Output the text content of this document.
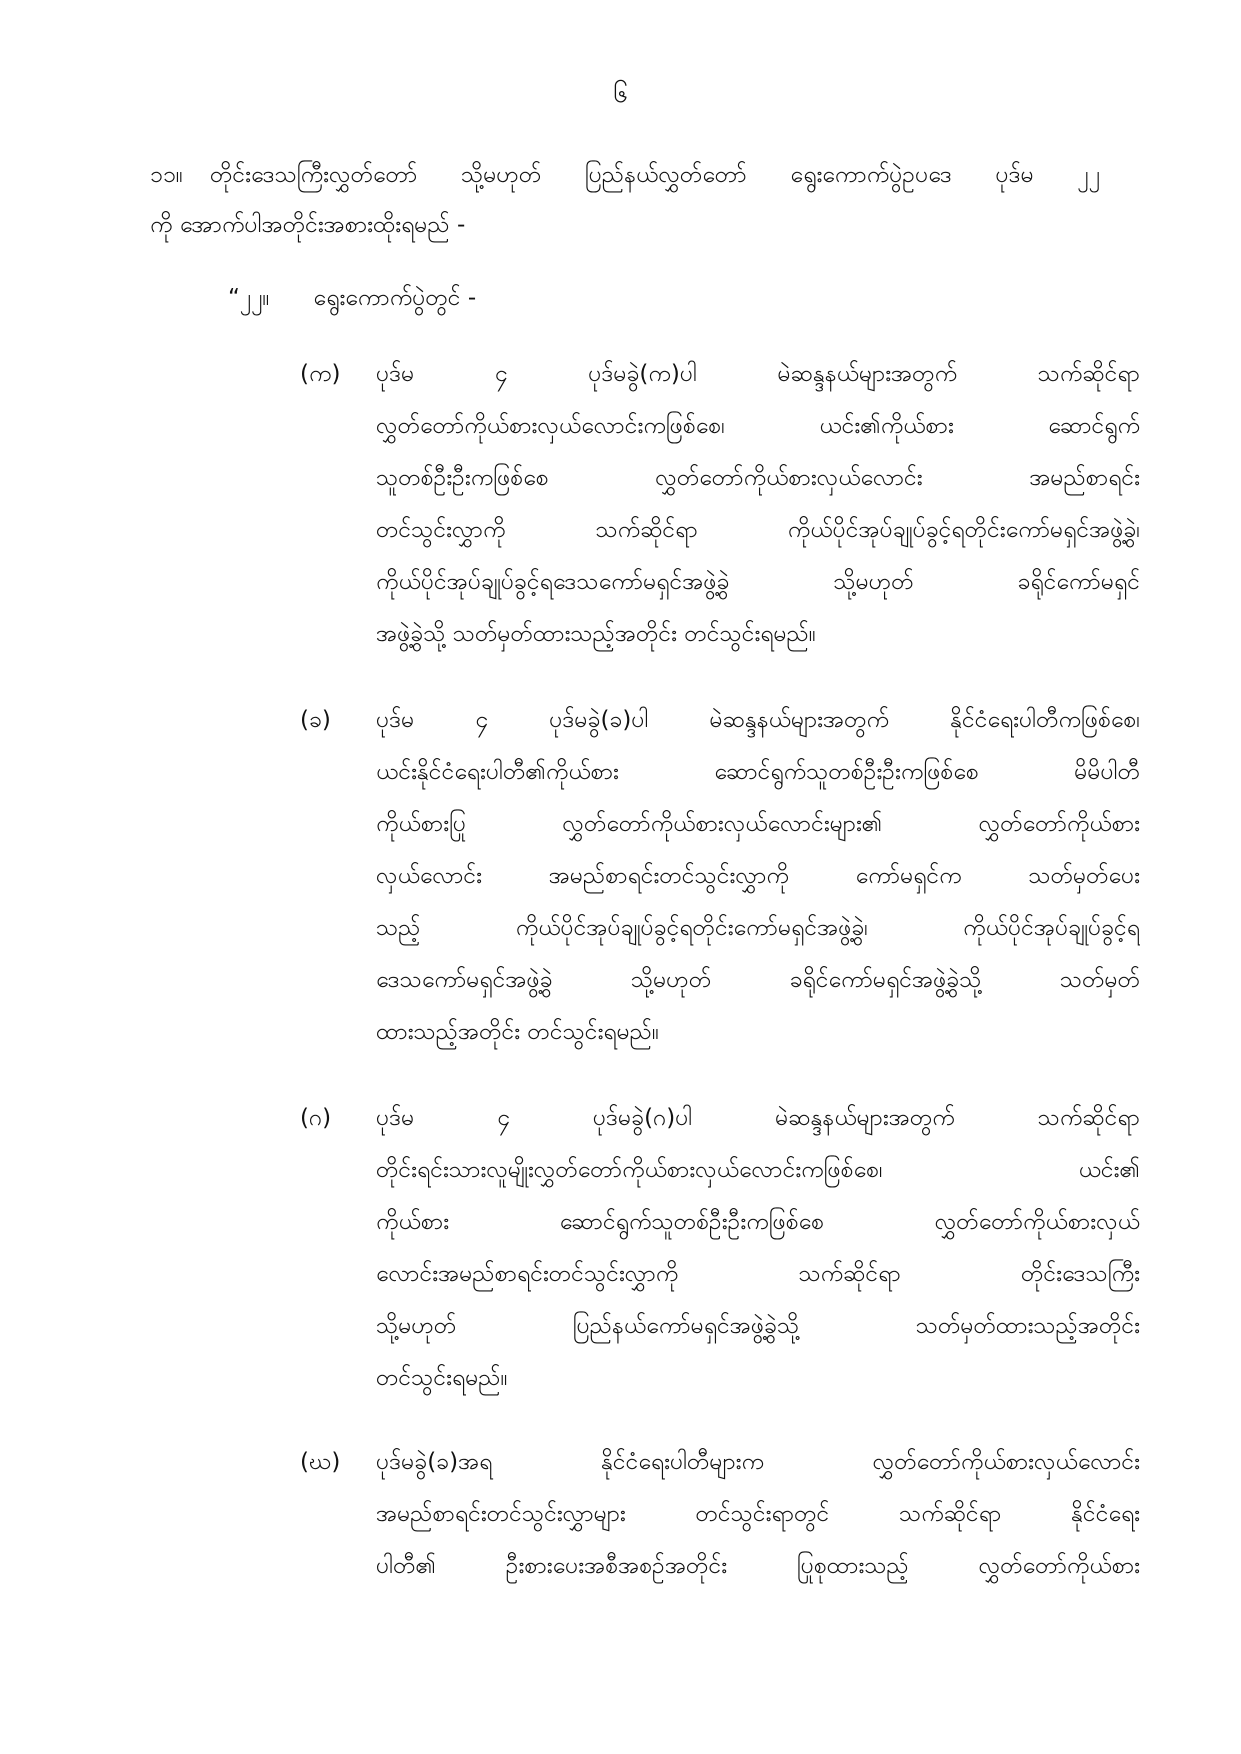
၆
၁၁။	တိုင်းဒေသကြီးလွှတ်တော် သို့မဟုတ် ပြည်နယ်လွှတ်တော် ရွေးကောက်ပွဲဥပဒေ ပုဒ်မ ၂၂
ကို အောက်ပါအတိုင်းအစားထိုးရမည် -
“၂၂။ ရွေးကောက်ပွဲတွင် -
(က)	ပုဒ်မ ၄ ပုဒ်မခွဲ(က)ပါ မဲဆန္ဒနယ်များအတွက် သက်ဆိုင်ရာ
လွှတ်တော်ကိုယ်စားလှယ်လောင်းကဖြစ်စေ၊ ယင်း၏ကိုယ်စား ဆောင်ရွက်
သူတစ်ဦးဦးကဖြစ်စေ လွှတ်တော်ကိုယ်စားလှယ်လောင်း အမည်စာရင်း
တင်သွင်းလွှာကို သက်ဆိုင်ရာ ကိုယ်ပိုင်အုပ်ချုပ်ခွင့်ရတိုင်းကော်မရှင်အဖွဲ့ခွဲ၊
ကိုယ်ပိုင်အုပ်ချုပ်ခွင့်ရဒေသကော်မရှင်အဖွဲ့ခွဲ သို့မဟုတ် ခရိုင်ကော်မရှင်
အဖွဲ့ခွဲသို့ သတ်မှတ်ထားသည့်အတိုင်း တင်သွင်းရမည်။
(ခ)	ပုဒ်မ ၄ ပုဒ်မခွဲ(ခ)ပါ မဲဆန္ဒနယ်များအတွက် နိုင်ငံရေးပါတီကဖြစ်စေ၊
ယင်းနိုင်ငံရေးပါတီ၏ကိုယ်စား ဆောင်ရွက်သူတစ်ဦးဦးကဖြစ်စေ မိမိပါတီ
ကိုယ်စားပြု လွှတ်တော်ကိုယ်စားလှယ်လောင်းများ၏ လွှတ်တော်ကိုယ်စား
လှယ်လောင်း အမည်စာရင်းတင်သွင်းလွှာကို ကော်မရှင်က သတ်မှတ်ပေး
သည့် ကိုယ်ပိုင်အုပ်ချုပ်ခွင့်ရတိုင်းကော်မရှင်အဖွဲ့ခွဲ၊ ကိုယ်ပိုင်အုပ်ချုပ်ခွင့်ရ
ဒေသကော်မရှင်အဖွဲ့ခွဲ သို့မဟုတ် ခရိုင်ကော်မရှင်အဖွဲ့ခွဲသို့ သတ်မှတ်
ထားသည့်အတိုင်း တင်သွင်းရမည်။
(ဂ)	ပုဒ်မ ၄ ပုဒ်မခွဲ(ဂ)ပါ မဲဆန္ဒနယ်များအတွက် သက်ဆိုင်ရာ
တိုင်းရင်းသားလူမျိုးလွှတ်တော်ကိုယ်စားလှယ်လောင်းကဖြစ်စေ၊ ယင်း၏
ကိုယ်စား ဆောင်ရွက်သူတစ်ဦးဦးကဖြစ်စေ လွှတ်တော်ကိုယ်စားလှယ်
လောင်းအမည်စာရင်းတင်သွင်းလွှာကို သက်ဆိုင်ရာ တိုင်းဒေသကြီး
သို့မဟုတ် ပြည်နယ်ကော်မရှင်အဖွဲ့ခွဲသို့ သတ်မှတ်ထားသည့်အတိုင်း
တင်သွင်းရမည်။
(ဃ)	ပုဒ်မခွဲ(ခ)အရ နိုင်ငံရေးပါတီများက လွှတ်တော်ကိုယ်စားလှယ်လောင်း
အမည်စာရင်းတင်သွင်းလွှာများ တင်သွင်းရာတွင် သက်ဆိုင်ရာ နိုင်ငံရေး
ပါတီ၏ ဦးစားပေးအစီအစဉ်အတိုင်း ပြုစုထားသည့် လွှတ်တော်ကိုယ်စား
